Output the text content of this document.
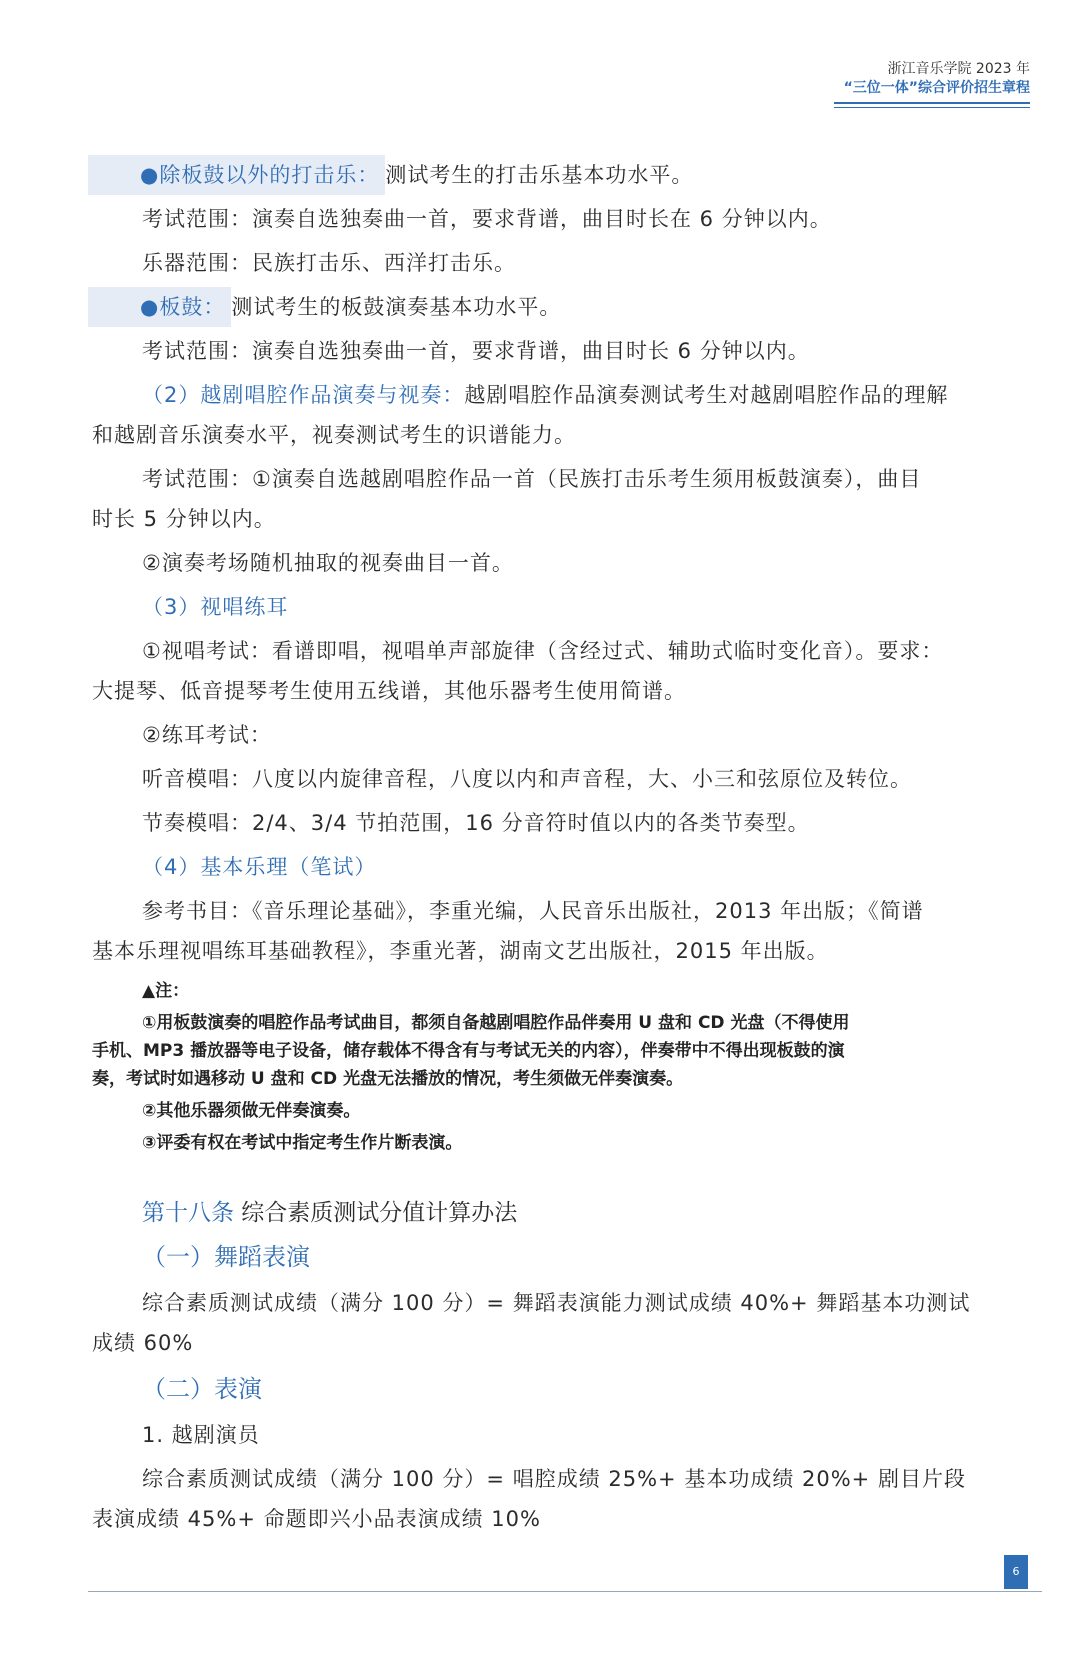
浙江音乐学院 2023 年
“三位一体”综合评价招生章程

●除板鼓以外的打击乐： 测试考生的打击乐基本功水平。

考试范围：演奏自选独奏曲一首，要求背谱，曲目时长在 6 分钟以内。

乐器范围：民族打击乐、西洋打击乐。

●板鼓： 测试考生的板鼓演奏基本功水平。

考试范围：演奏自选独奏曲一首，要求背谱，曲目时长 6 分钟以内。

（2）越剧唱腔作品演奏与视奏：越剧唱腔作品演奏测试考生对越剧唱腔作品的理解

和越剧音乐演奏水平，视奏测试考生的识谱能力。

考试范围：①演奏自选越剧唱腔作品一首（民族打击乐考生须用板鼓演奏），曲目

时长 5 分钟以内。

②演奏考场随机抽取的视奏曲目一首。

（3）视唱练耳

①视唱考试：看谱即唱，视唱单声部旋律（含经过式、辅助式临时变化音）。要求：

大提琴、低音提琴考生使用五线谱，其他乐器考生使用简谱。

②练耳考试：

听音模唱：八度以内旋律音程，八度以内和声音程，大、小三和弦原位及转位。

节奏模唱：2/4、3/4 节拍范围，16 分音符时值以内的各类节奏型。

（4）基本乐理（笔试）

参考书目：《音乐理论基础》，李重光编，人民音乐出版社，2013 年出版；《简谱

基本乐理视唱练耳基础教程》，李重光著，湖南文艺出版社，2015 年出版。

▲注：

①用板鼓演奏的唱腔作品考试曲目，都须自备越剧唱腔作品伴奏用 U 盘和 CD 光盘（不得使用

手机、MP3 播放器等电子设备，储存载体不得含有与考试无关的内容），伴奏带中不得出现板鼓的演

奏，考试时如遇移动 U 盘和 CD 光盘无法播放的情况，考生须做无伴奏演奏。

②其他乐器须做无伴奏演奏。

③评委有权在考试中指定考生作片断表演。

第十八条 综合素质测试分值计算办法
（一）舞蹈表演

综合素质测试成绩（满分 100 分）= 舞蹈表演能力测试成绩 40%+ 舞蹈基本功测试

成绩 60%

（二）表演

1. 越剧演员

综合素质测试成绩（满分 100 分）= 唱腔成绩 25%+ 基本功成绩 20%+ 剧目片段

表演成绩 45%+ 命题即兴小品表演成绩 10%

6
